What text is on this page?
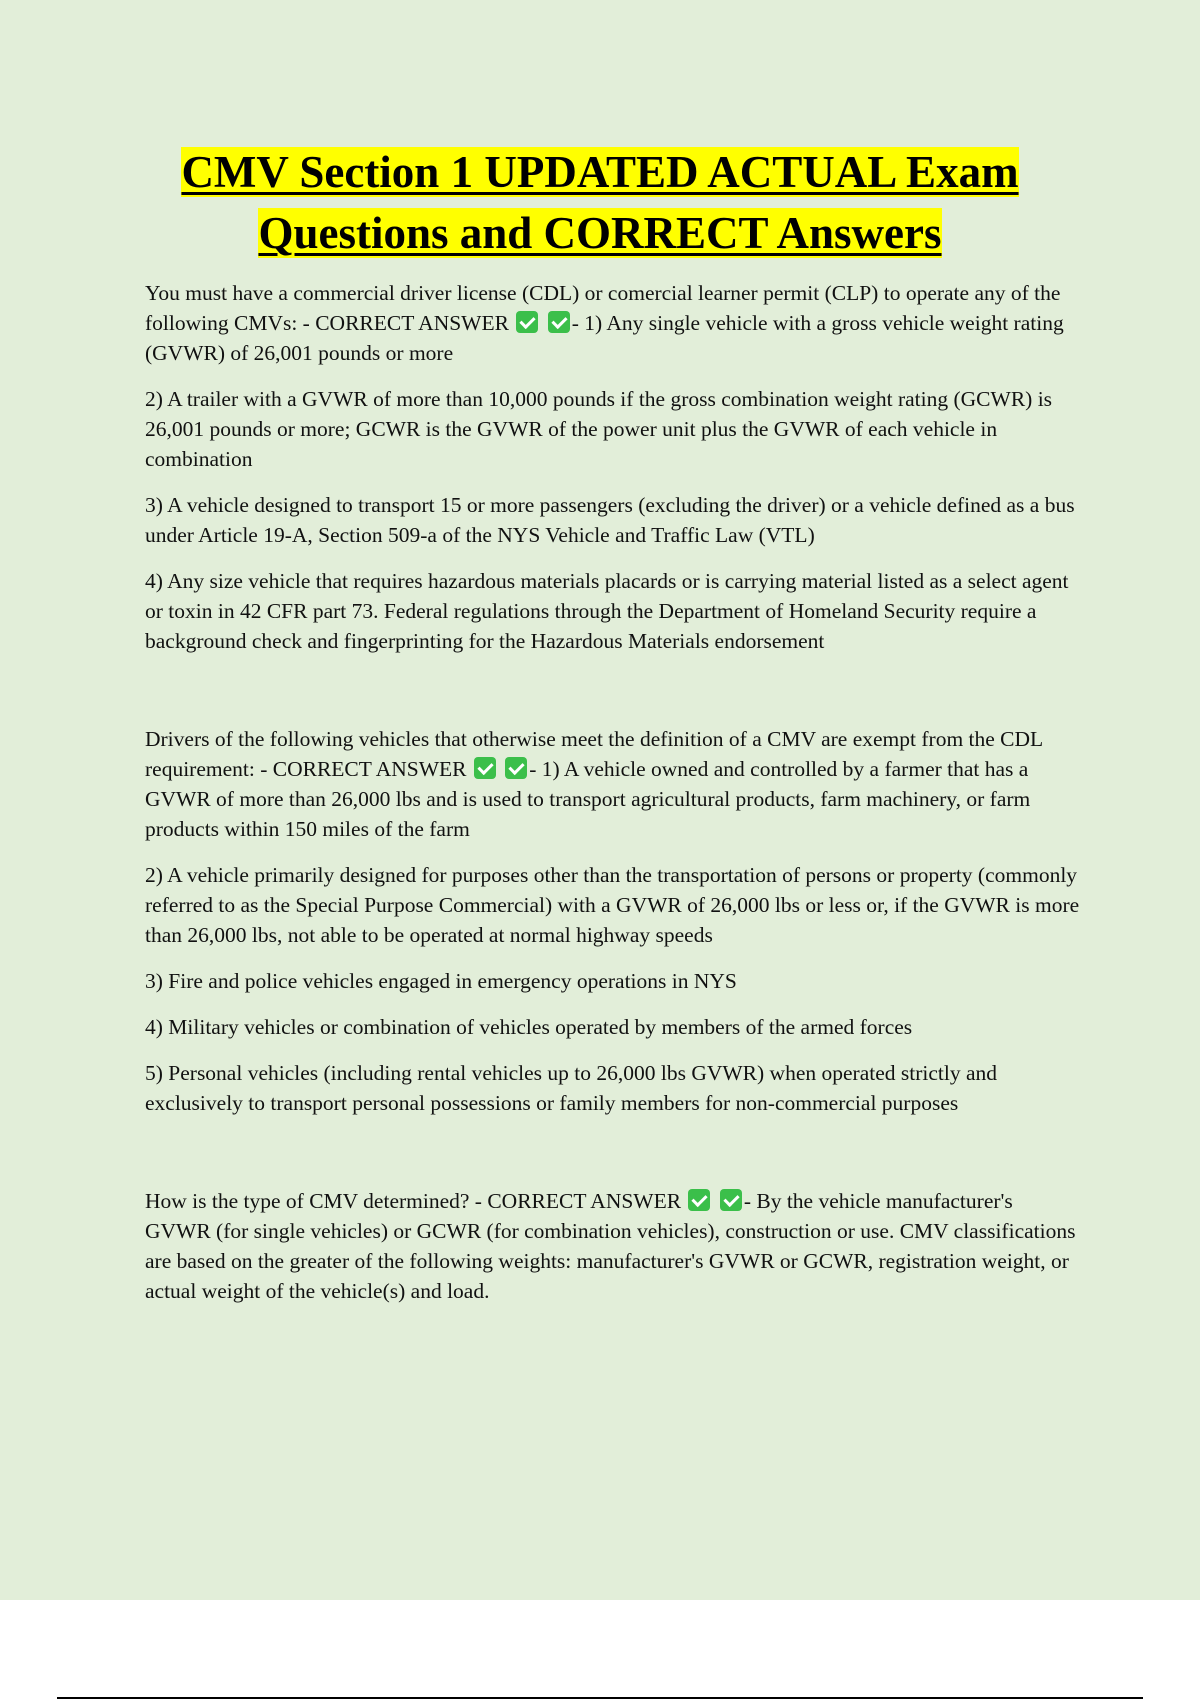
CMV Section 1 UPDATED ACTUAL Exam Questions and CORRECT Answers

You must have a commercial driver license (CDL) or comercial learner permit (CLP) to operate any of the following CMVs: - CORRECT ANSWER	- 1) Any single vehicle with a gross vehicle weight rating (GVWR) of 26,001 pounds or more

2) A trailer with a GVWR of more than 10,000 pounds if the gross combination weight rating (GCWR) is 26,001 pounds or more; GCWR is the GVWR of the power unit plus the GVWR of each vehicle in combination

3) A vehicle designed to transport 15 or more passengers (excluding the driver) or a vehicle defined as a bus under Article 19-A, Section 509-a of the NYS Vehicle and Traffic Law (VTL)

4) Any size vehicle that requires hazardous materials placards or is carrying material listed as a select agent or toxin in 42 CFR part 73. Federal regulations through the Department of Homeland Security require a background check and fingerprinting for the Hazardous Materials endorsement

Drivers of the following vehicles that otherwise meet the definition of a CMV are exempt from the CDL requirement: - CORRECT ANSWER	- 1) A vehicle owned and controlled by a farmer that has a GVWR of more than 26,000 lbs and is used to transport agricultural products, farm machinery, or farm products within 150 miles of the farm

2) A vehicle primarily designed for purposes other than the transportation of persons or property (commonly referred to as the Special Purpose Commercial) with a GVWR of 26,000 lbs or less or, if the GVWR is more than 26,000 lbs, not able to be operated at normal highway speeds

3) Fire and police vehicles engaged in emergency operations in NYS

4) Military vehicles or combination of vehicles operated by members of the armed forces

5) Personal vehicles (including rental vehicles up to 26,000 lbs GVWR) when operated strictly and exclusively to transport personal possessions or family members for non-commercial purposes

How is the type of CMV determined? - CORRECT ANSWER	- By the vehicle manufacturer's GVWR (for single vehicles) or GCWR (for combination vehicles), construction or use. CMV classifications are based on the greater of the following weights: manufacturer's GVWR or GCWR, registration weight, or actual weight of the vehicle(s) and load.
